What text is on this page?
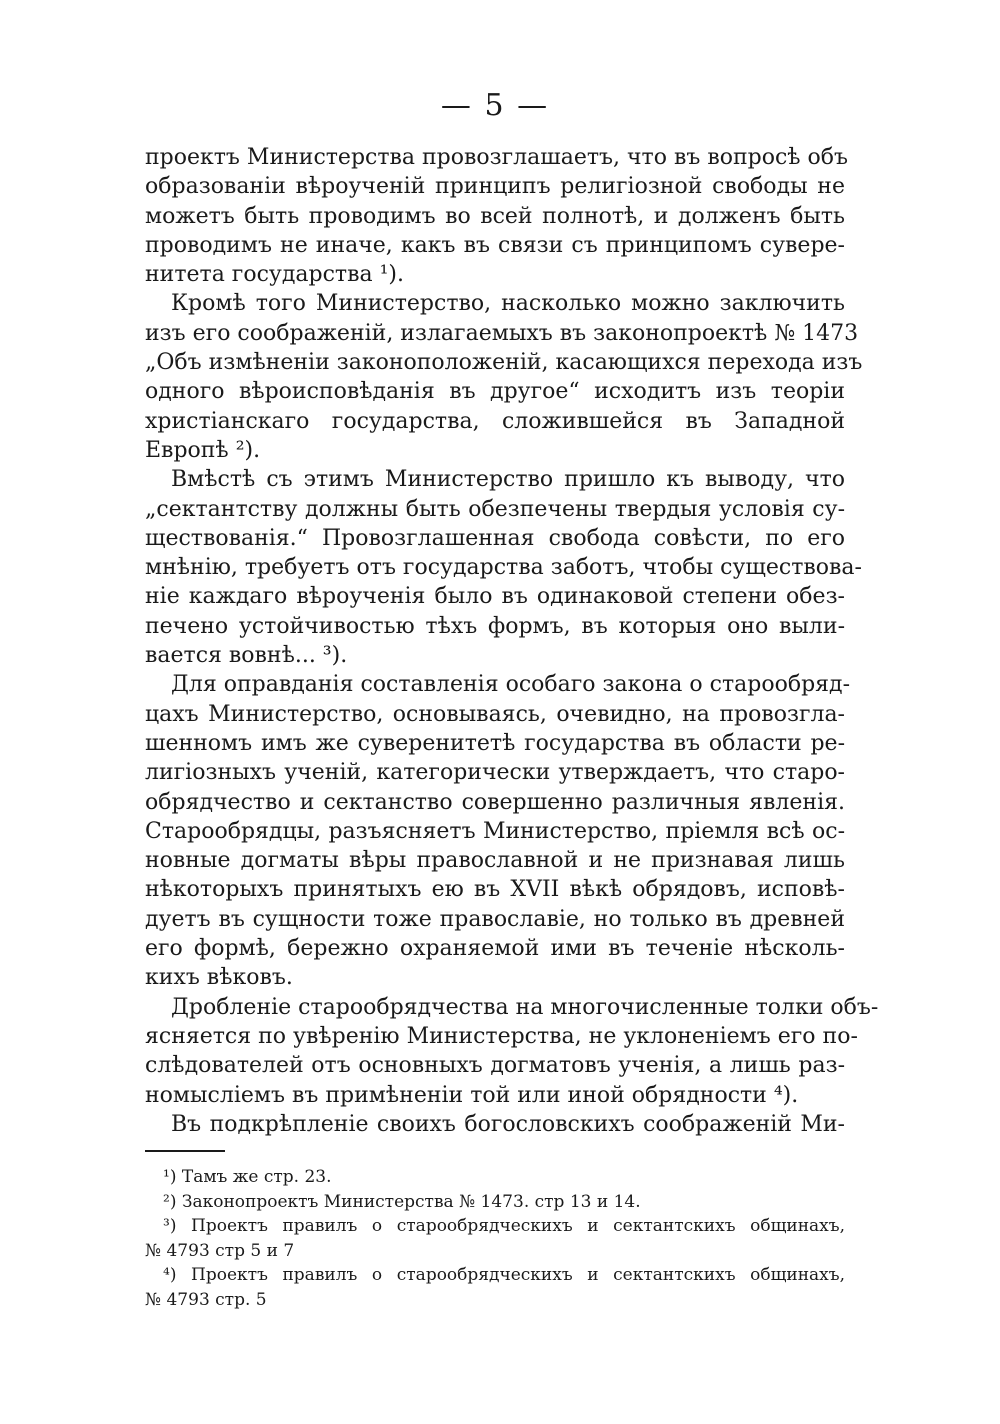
— 5 —
проектъ Министерства провозглашаетъ, что въ вопросѣ объ
образованiи вѣроученiй принципъ религiозной свободы не
можетъ быть проводимъ во всей полнотѣ, и долженъ быть
проводимъ не иначе, какъ въ связи съ принципомъ сувере-
нитета государства ¹).
Кромѣ того Министерство, насколько можно заключить
изъ его соображенiй, излагаемыхъ въ законопроектѣ № 1473
„Объ измѣненiи законоположенiй, касающихся перехода изъ
одного вѣроисповѣданiя въ другое“ исходитъ изъ теорiи
христiанскаго государства, сложившейся въ Западной
Европѣ ²).
Вмѣстѣ съ этимъ Министерство пришло къ выводу, что
„сектантству должны быть обезпечены твердыя условiя су-
ществованiя.“ Провозглашенная свобода совѣсти, по его
мнѣнiю, требуетъ отъ государства заботъ, чтобы существова-
нiе каждаго вѣроученiя было въ одинаковой степени обез-
печено устойчивостью тѣхъ формъ, въ которыя оно выли-
вается вовнѣ... ³).
Для оправданiя составленiя особаго закона о старообряд-
цахъ Министерство, основываясь, очевидно, на провозгла-
шенномъ имъ же суверенитетѣ государства въ области ре-
лигiозныхъ ученiй, категорически утверждаетъ, что старо-
обрядчество и сектанство совершенно различныя явленiя.
Старообрядцы, разъясняетъ Министерство, прiемля всѣ ос-
новные догматы вѣры православной и не признавая лишь
нѣкоторыхъ принятыхъ ею въ XVII вѣкѣ обрядовъ, исповѣ-
дуетъ въ сущности тоже православiе, но только въ древней
его формѣ, бережно охраняемой ими въ теченiе нѣсколь-
кихъ вѣковъ.
Дробленiе старообрядчества на многочисленные толки объ-
ясняется по увѣренiю Министерства, не уклоненiемъ его по-
слѣдователей отъ основныхъ догматовъ ученiя, а лишь раз-
номыслiемъ въ примѣненiи той или иной обрядности ⁴).
Въ подкрѣпленiе своихъ богословскихъ соображенiй Ми-
¹) Тамъ же стр. 23.
²) Законопроектъ Министерства № 1473. стр 13 и 14.
³) Проектъ правилъ о старообрядческихъ и сектантскихъ общинахъ,
№ 4793 стр 5 и 7
⁴) Проектъ правилъ о старообрядческихъ и сектантскихъ общинахъ,
№ 4793 стр. 5
